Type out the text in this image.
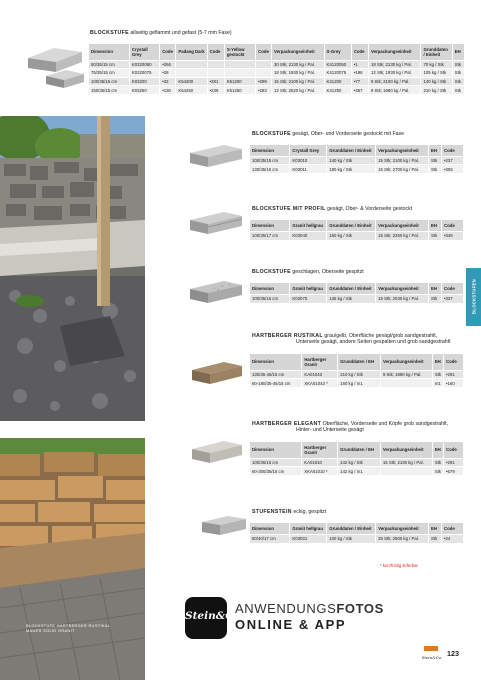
BLOCKSTUFE allseitig geflammt und gefast (5-7 mm Fase)
Dimension	Crystall Grey	Code	Padang Dark	Code	S-Yellow gestockt	Code	Verpackungseinheit	S-Grey	Code	Verpackungseinheit	Grunddaten / Einheit	EH
50/35/15 cm	K0320050	•266					30 Stk; 2130 kg / Pal.	K4120050	•1	18 Stk; 2130 kg / Pal.	70 kg / Stk	Stk
75/35/15 cm	K0320075	•28					18 Stk; 1930 kg / Pal.	K4120075	•196	12 Stk; 1930 kg / Pal.	105 kg / Stk	Stk
100/35/15 cm	K03200	•32	K54200	•281	K51200	•299	15 Stk; 2100 kg / Pal.	K41200	•77	9 Stk; 2100 kg / Pal.	140 kg / Stk	Stk
150/35/15 cm	K03250	•130	K54250	•239	K51250	•283	12 Stk; 2520 kg / Pal.	K41250	•367	8 Stk; 1680 kg / Pal.	210 kg / Stk	Stk
BLOCKSTUFE HARTBERGER RUSTIKAL
MAUER SOLID GRANIT
BLOCKSTUFE gesägt, Ober- und Vorderseite gestockt mit Fase
Dimension	Crystall Grey	Grunddaten / Einheit	Verpackungseinheit	EH	Code
100/35/15 cm	K03010	140 kg / Stk	15 Stk; 2100 kg / Pal.	Stk	•237
130/35/15 cm	K03011	180 kg / Stk	15 Stk; 2700 kg / Pal.	Stk	•306
BLOCKSTUFE MIT PROFIL gesägt, Ober- & Vorderseite gestockt
Dimension	Granit hellgrau	Grunddaten / Einheit	Verpackungseinheit	EH	Code
100/35/17 cm	K03040	150 kg / Stk	15 Stk; 2250 kg / Pal.	Stk	•349
BLOCKSTUFE geschlagen, Oberseite gespitzt
Dimension	Granit hellgrau	Grunddaten / Einheit	Verpackungseinheit	EH	Code
100/35/15 cm	K03070	135 kg / Stk	15 Stk; 2030 kg / Pal.	Stk	•337	BLOCKSTUFEN
HARTBERGER RUSTIKAL grau/gelb, Oberfläche gesägt/grob sandgestrahlt,
Unterseite gesägt, andere Seiten gespalten und grob sandgestrahlt
Dimension	Hartberger Granit	Grunddaten / EH	Verpackungseinheit	EH	Code
130/35-45/15 cm	KA01043	210 kg / Stk	9 Stk; 1890 kg / Pal.	Stk	•291
60-180/35-45/15 cm	XKA01043 *	160 kg / m1		m1	•160
HARTBERGER ELEGANT Oberfläche, Vorderseite und Köpfe grob sandgestrahlt,
Hinter- und Unterseite gesägt
Dimension	Hartberger Granit	Grunddaten / EH	Verpackungseinheit	EH	Code
100/35/15 cm	KA01010	142 kg / Stk	15 Stk; 2130 kg / Pal.	Stk	•291
60-300/35/15 cm	XKA01010 *	142 kg / m1		Stk	•579
STUFENSTEIN eckig, gespitzt
Dimension	Granit hellgrau	Grunddaten / Einheit	Verpackungseinheit	EH	Code
60/40/17 cm	K03031	100 kg / Stk	25 Stk; 2500 kg / Pal.	Stk	•24
* kurzfristig lieferbar
Stein&Co.
ANWENDUNGSFOTOS
ONLINE & APP
Stein&Co. 123
